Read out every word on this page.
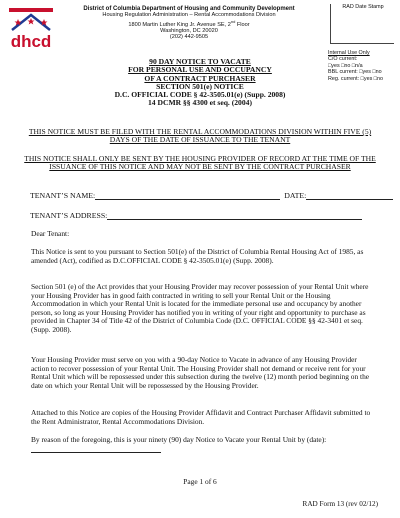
dhcd
District of Columbia Department of Housing and Community Development
Housing Regulation Administration – Rental Accommodations Division
1800 Martin Luther King Jr. Avenue SE, 2nd Floor
Washington, DC 20020
(202) 442-9505
RAD Date Stamp
Internal Use Only
C/O current:
□yes □no □n/a
BBL current: □yes □no
Reg. current: □yes □no
90 DAY NOTICE TO VACATE
FOR PERSONAL USE AND OCCUPANCY
OF A CONTRACT PURCHASER
SECTION 501(e) NOTICE
D.C. OFFICIAL CODE § 42-3505.01(e) (Supp. 2008)
14 DCMR §§ 4300 et seq. (2004)
THIS NOTICE MUST BE FILED WITH THE RENTAL ACCOMMODATIONS DIVISION WITHIN FIVE (5) DAYS OF THE DATE OF ISSUANCE TO THE TENANT
THIS NOTICE SHALL ONLY BE SENT BY THE HOUSING PROVIDER OF RECORD AT THE TIME OF THE ISSUANCE OF THIS NOTICE AND MAY NOT BE SENT BY THE CONTRACT PURCHASER
TENANT’S NAME:	DATE:
TENANT’S ADDRESS:
Dear Tenant:
This Notice is sent to you pursuant to Section 501(e) of the District of Columbia Rental Housing Act of 1985, as amended (Act), codified as D.C.OFFICIAL CODE § 42-3505.01(e) (Supp. 2008).
Section 501 (e) of the Act provides that your Housing Provider may recover possession of your Rental Unit where your Housing Provider has in good faith contracted in writing to sell your Rental Unit or the Housing Accommodation in which your Rental Unit is located for the immediate personal use and occupancy by another person, so long as your Housing Provider has notified you in writing of your right and opportunity to purchase as provided in Chapter 34 of Title 42 of the District of Columbia Code (D.C. OFFICIAL CODE §§ 42-3401 et seq. (Supp. 2008).
Your Housing Provider must serve on you with a 90-day Notice to Vacate in advance of any Housing Provider action to recover possession of your Rental Unit. The Housing Provider shall not demand or receive rent for your Rental Unit which will be repossessed under this subsection during the twelve (12) month period beginning on the date on which your Rental Unit will be repossessed by the Housing Provider.
Attached to this Notice are copies of the Housing Provider Affidavit and Contract Purchaser Affidavit submitted to the Rent Administrator, Rental Accommodations Division.
By reason of the foregoing, this is your ninety (90) day Notice to Vacate your Rental Unit by (date):
Page 1 of 6
RAD Form 13 (rev 02/12)
